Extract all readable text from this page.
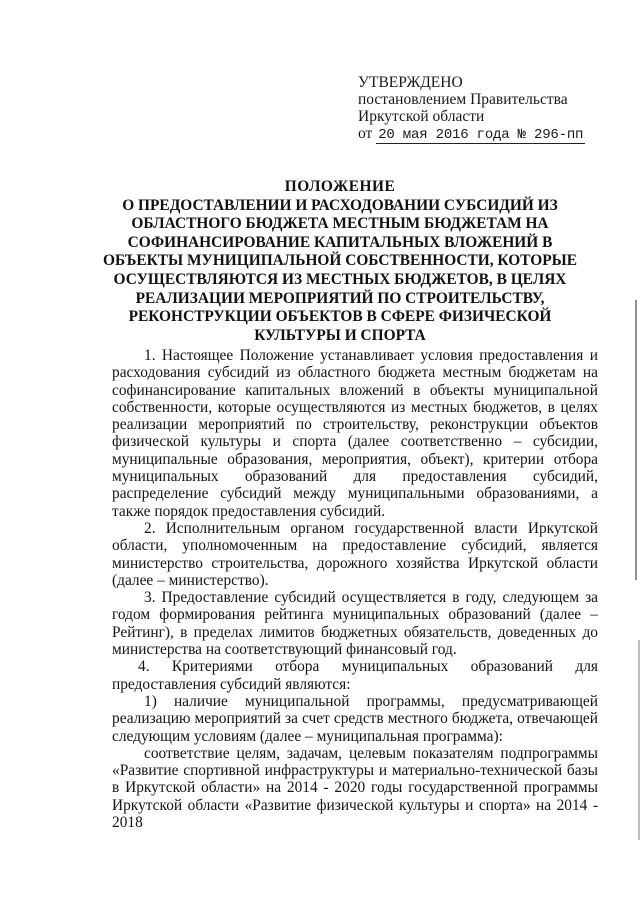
УТВЕРЖДЕНО
постановлением Правительства
Иркутской области
от 20 мая 2016 года № 296-пп
ПОЛОЖЕНИЕ
О ПРЕДОСТАВЛЕНИИ И РАСХОДОВАНИИ СУБСИДИЙ ИЗ ОБЛАСТНОГО БЮДЖЕТА МЕСТНЫМ БЮДЖЕТАМ НА СОФИНАНСИРОВАНИЕ КАПИТАЛЬНЫХ ВЛОЖЕНИЙ В ОБЪЕКТЫ МУНИЦИПАЛЬНОЙ СОБСТВЕННОСТИ, КОТОРЫЕ ОСУЩЕСТВЛЯЮТСЯ ИЗ МЕСТНЫХ БЮДЖЕТОВ, В ЦЕЛЯХ РЕАЛИЗАЦИИ МЕРОПРИЯТИЙ ПО СТРОИТЕЛЬСТВУ, РЕКОНСТРУКЦИИ ОБЪЕКТОВ В СФЕРЕ ФИЗИЧЕСКОЙ КУЛЬТУРЫ И СПОРТА

1. Настоящее Положение устанавливает условия предоставления и расходования субсидий из областного бюджета местным бюджетам на софинансирование капитальных вложений в объекты муниципальной собственности, которые осуществляются из местных бюджетов, в целях реализации мероприятий по строительству, реконструкции объектов физической культуры и спорта (далее соответственно – субсидии, муниципальные образования, мероприятия, объект), критерии отбора муниципальных образований для предоставления субсидий, распределение субсидий между муниципальными образованиями, а также порядок предоставления субсидий.

2. Исполнительным органом государственной власти Иркутской области, уполномоченным на предоставление субсидий, является министерство строительства, дорожного хозяйства Иркутской области (далее – министерство).

3. Предоставление субсидий осуществляется в году, следующем за годом формирования рейтинга муниципальных образований (далее – Рейтинг), в пределах лимитов бюджетных обязательств, доведенных до министерства на соответствующий финансовый год.

4. Критериями отбора муниципальных образований для предоставления субсидий являются:

1) наличие муниципальной программы, предусматривающей реализацию мероприятий за счет средств местного бюджета, отвечающей следующим условиям (далее – муниципальная программа):

соответствие целям, задачам, целевым показателям подпрограммы «Развитие спортивной инфраструктуры и материально-технической базы в Иркутской области» на 2014 - 2020 годы государственной программы Иркутской области «Развитие физической культуры и спорта» на 2014 - 2018
